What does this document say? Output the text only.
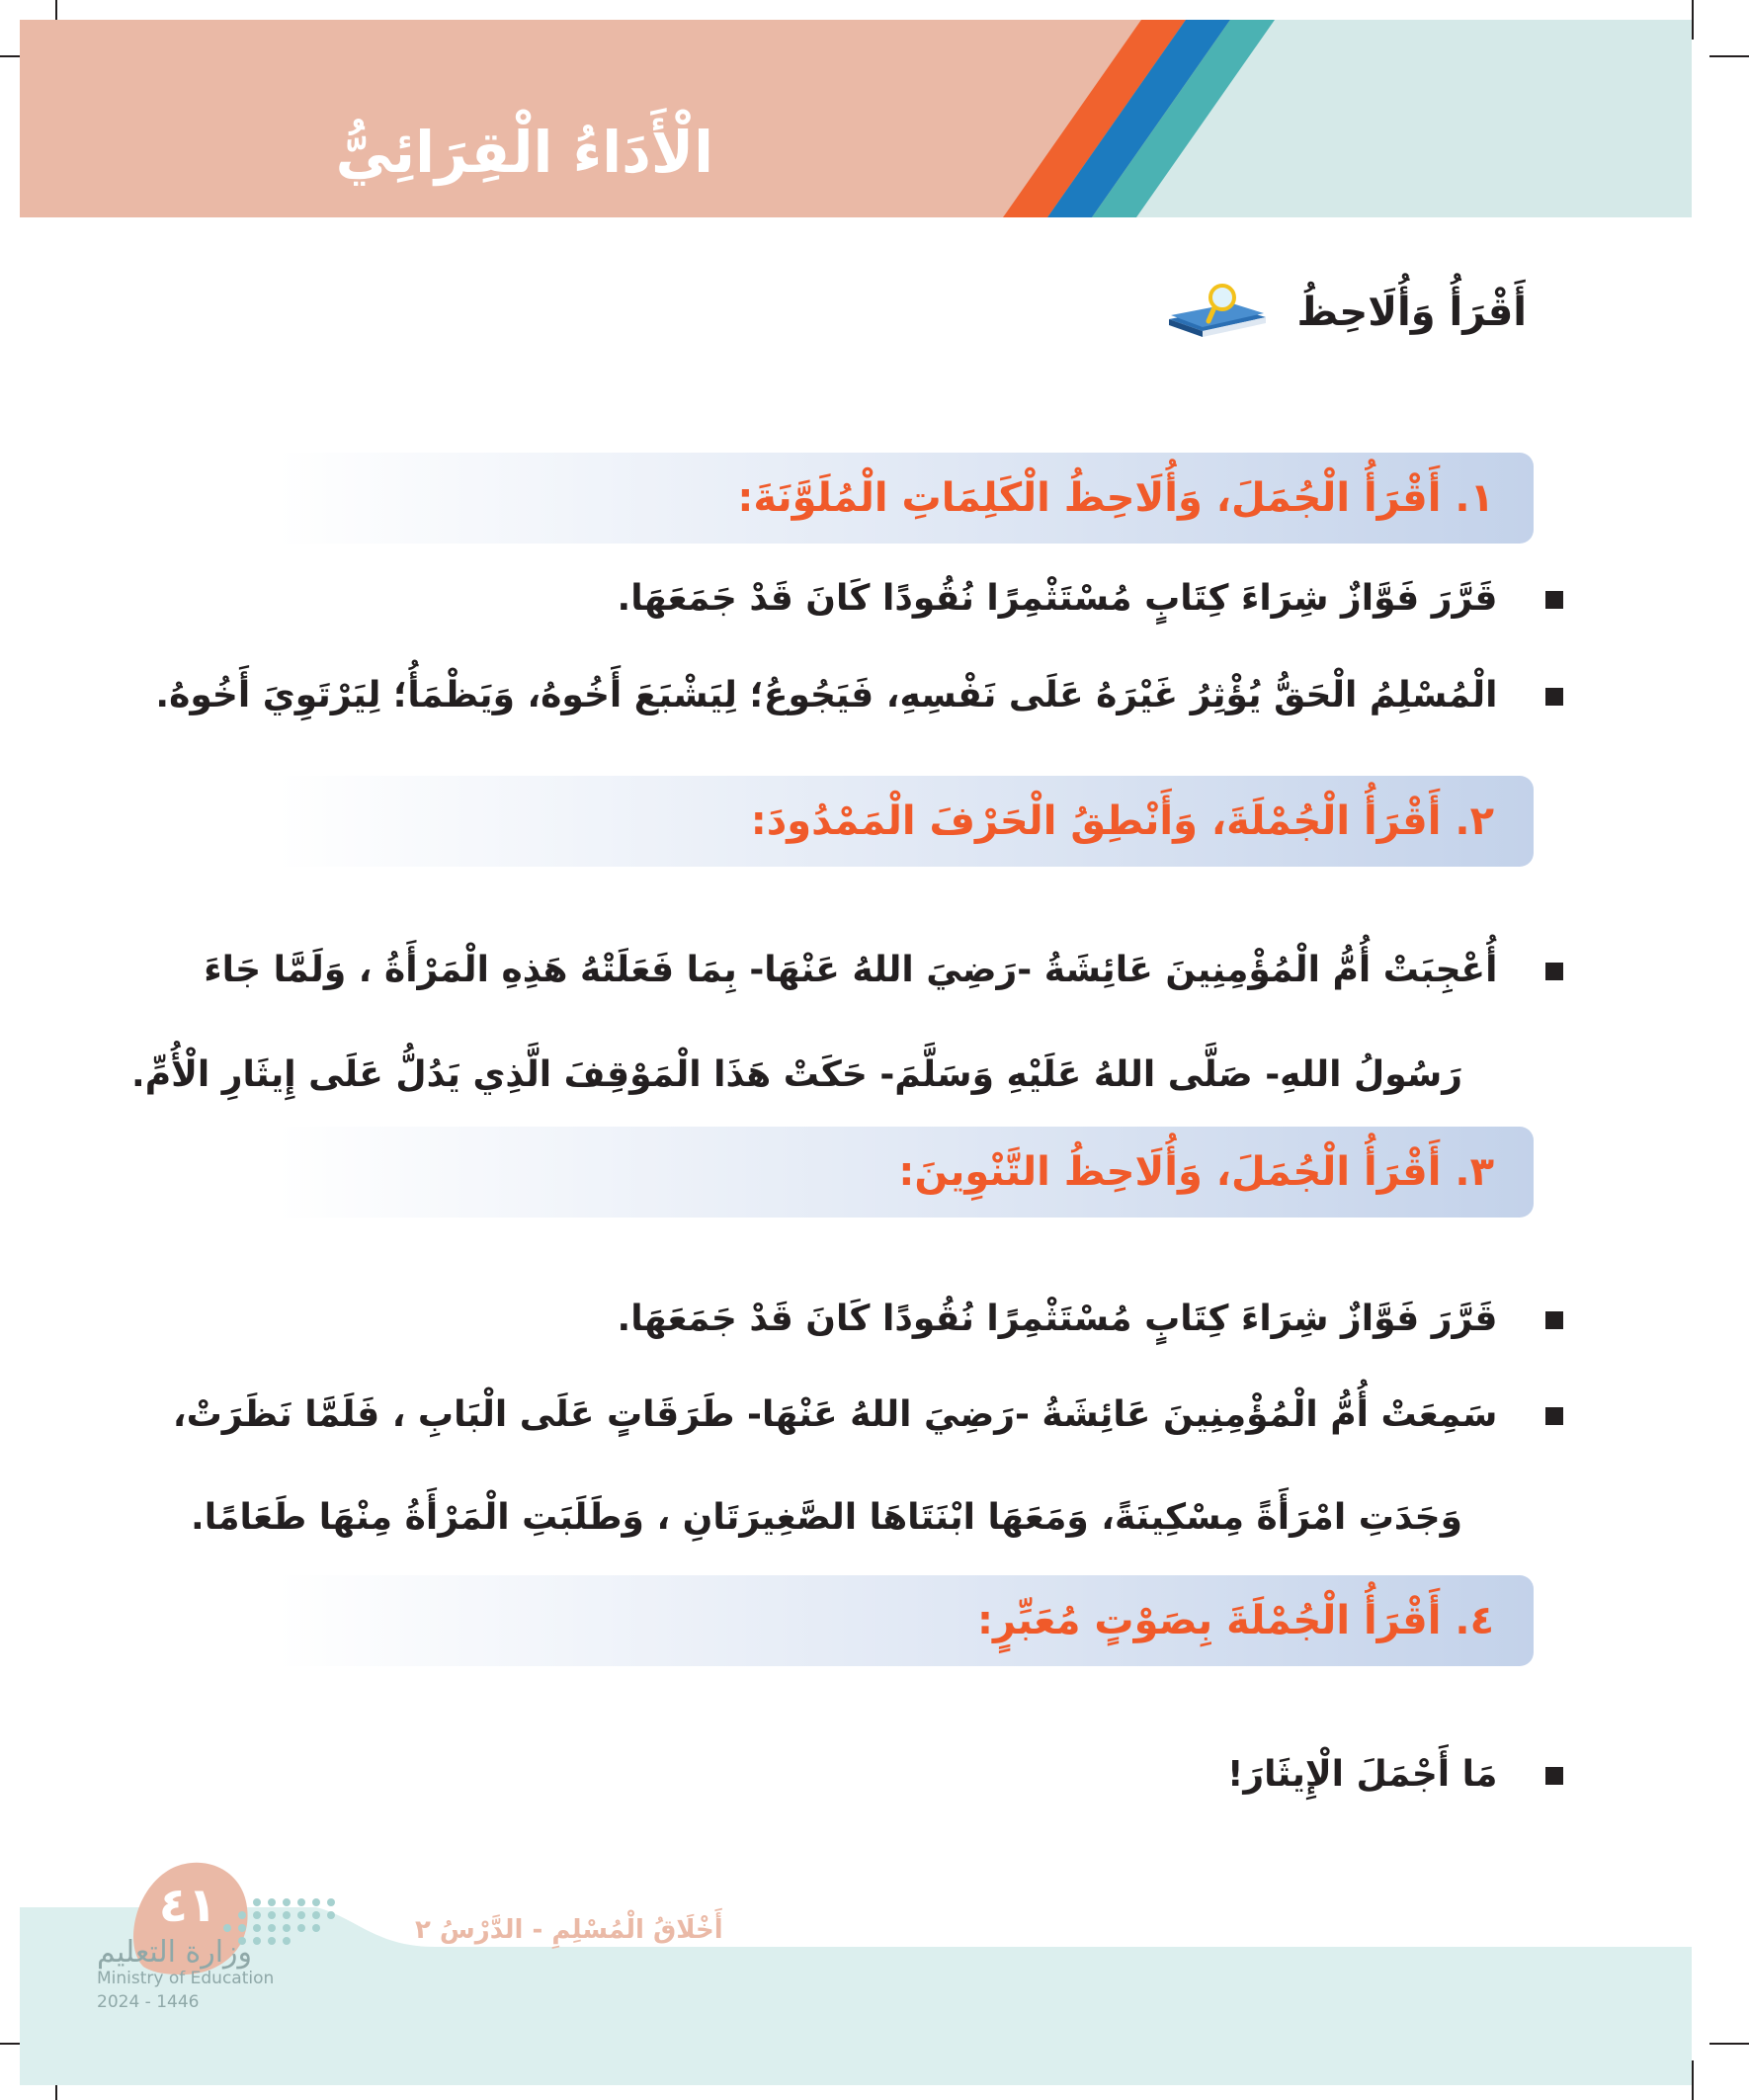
الْأَدَاءُ الْقِرَائِيُّ
أَقْرَأُ وَأُلَاحِظُ
١. أَقْرَأُ الْجُمَلَ، وَأُلَاحِظُ الْكَلِمَاتِ الْمُلَوَّنَةَ:
قَرَّرَ فَوَّازٌ شِرَاءَ كِتَابٍ مُسْتَثْمِرًا نُقُودًا كَانَ قَدْ جَمَعَهَا.
الْمُسْلِمُ الْحَقُّ يُؤْثِرُ غَيْرَهُ عَلَى نَفْسِهِ، فَيَجُوعُ؛ لِيَشْبَعَ أَخُوهُ، وَيَظْمَأُ؛ لِيَرْتَوِيَ أَخُوهُ.
٢. أَقْرَأُ الْجُمْلَةَ، وَأَنْطِقُ الْحَرْفَ الْمَمْدُودَ:
أُعْجِبَتْ أُمُّ الْمُؤْمِنِينَ عَائِشَةُ -رَضِيَ اللهُ عَنْهَا- بِمَا فَعَلَتْهُ هَذِهِ الْمَرْأَةُ ، وَلَمَّا جَاءَ
رَسُولُ اللهِ- صَلَّى اللهُ عَلَيْهِ وَسَلَّمَ- حَكَتْ هَذَا الْمَوْقِفَ الَّذِي يَدُلُّ عَلَى إِيثَارِ الْأُمِّ.
٣. أَقْرَأُ الْجُمَلَ، وَأُلَاحِظُ التَّنْوِينَ:
قَرَّرَ فَوَّازٌ شِرَاءَ كِتَابٍ مُسْتَثْمِرًا نُقُودًا كَانَ قَدْ جَمَعَهَا.
سَمِعَتْ أُمُّ الْمُؤْمِنِينَ عَائِشَةُ -رَضِيَ اللهُ عَنْهَا- طَرَقَاتٍ عَلَى الْبَابِ ، فَلَمَّا نَظَرَتْ،
وَجَدَتِ امْرَأَةً مِسْكِينَةً، وَمَعَهَا ابْنَتَاهَا الصَّغِيرَتَانِ ، وَطَلَبَتِ الْمَرْأَةُ مِنْهَا طَعَامًا.
٤. أَقْرَأُ الْجُمْلَةَ بِصَوْتٍ مُعَبِّرٍ:
مَا أَجْمَلَ الْإِيثَارَ!
٤١
وزارة التعليم
Ministry of Education
2024 - 1446
أَخْلَاقُ الْمُسْلِمِ - الدَّرْسُ ٢
